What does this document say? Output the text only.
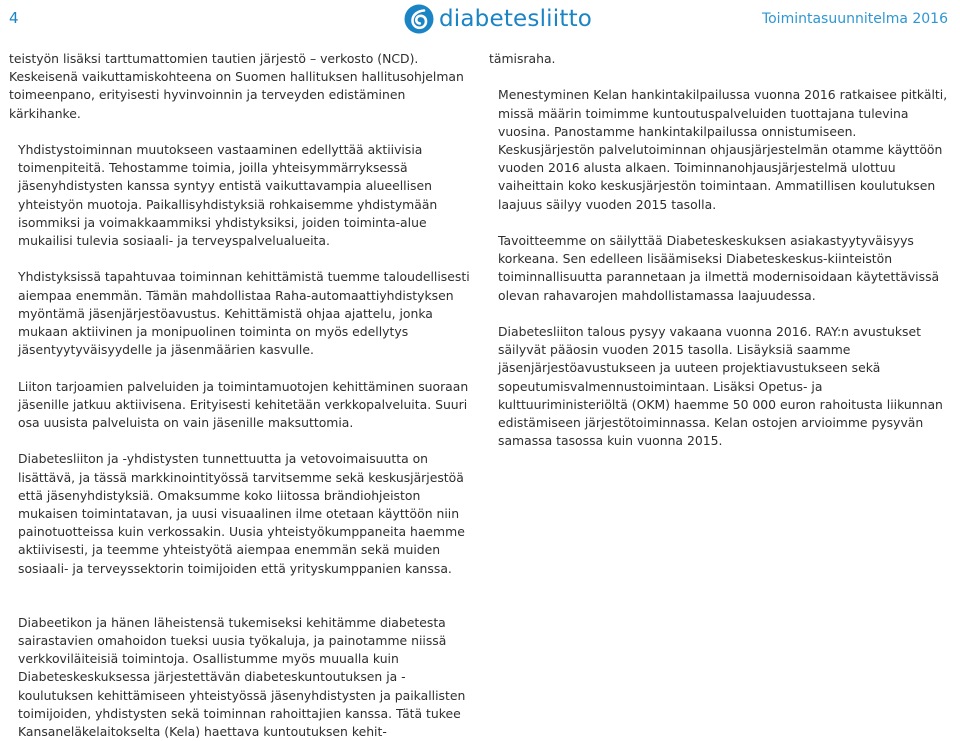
4	diabetesliitto	Toimintasuunnitelma 2016

teistyön lisäksi tarttumattomien tautien järjestö – verkosto (NCD). Keskeisenä vaikuttamiskohteena on Suomen hallituksen hallitusohjelman toimeenpano, erityisesti hyvinvoinnin ja terveyden edistäminen kärkihanke.

Yhdistystoiminnan muutokseen vastaaminen edellyttää aktiivisia toimenpiteitä. Tehostamme toimia, joilla yhteisymmärryksessä jäsenyhdistysten kanssa syntyy entistä vaikuttavampia alueellisen yhteistyön muotoja. Paikallisyhdistyksiä rohkaisemme yhdistymään isommiksi ja voimakkaammiksi yhdistyksiksi, joiden toiminta-alue mukailisi tulevia sosiaali- ja terveyspalvelualueita.

Yhdistyksissä tapahtuvaa toiminnan kehittämistä tuemme taloudellisesti aiempaa enemmän. Tämän mahdollistaa Raha-automaattiyhdistyksen myöntämä jäsenjärjestöavustus. Kehittämistä ohjaa ajattelu, jonka mukaan aktiivinen ja monipuolinen toiminta on myös edellytys jäsentyytyväisyydelle ja jäsenmäärien kasvulle.

Liiton tarjoamien palveluiden ja toimintamuotojen kehittäminen suoraan jäsenille jatkuu aktiivisena. Erityisesti kehitetään verkkopalveluita. Suuri osa uusista palveluista on vain jäsenille maksuttomia.

Diabetesliiton ja -yhdistysten tunnettuutta ja vetovoimaisuutta on lisättävä, ja tässä markkinointityössä tarvitsemme sekä keskusjärjestöä että jäsenyhdistyksiä. Omaksumme koko liitossa brändiohjeiston mukaisen toimintatavan, ja uusi visuaalinen ilme otetaan käyttöön niin painotuotteissa kuin verkossakin. Uusia yhteistyökumppaneita haemme aktiivisesti, ja teemme yhteistyötä aiempaa enemmän sekä muiden sosiaali- ja terveyssektorin toimijoiden että yrityskumppanien kanssa.

Diabeetikon ja hänen läheistensä tukemiseksi kehitämme diabetesta sairastavien omahoidon tueksi uusia työkaluja, ja painotamme niissä verkkoviläiteisiä toimintoja. Osallistumme myös muualla kuin Diabeteskeskuksessa järjestettävän diabeteskuntoutuksen ja -koulutuksen kehittämiseen yhteistyössä jäsenyhdistysten ja paikallisten toimijoiden, yhdistysten sekä toiminnan rahoittajien kanssa. Tätä tukee Kansaneläkelaitokselta (Kela) haettava kuntoutuksen kehit-

tämisraha.

Menestyminen Kelan hankintakilpailussa vuonna 2016 ratkaisee pitkälti, missä määrin toimimme kuntoutuspalveluiden tuottajana tulevina vuosina. Panostamme hankintakilpailussa onnistumiseen. Keskusjärjestön palvelutoiminnan ohjausjärjestelmän otamme käyttöön vuoden 2016 alusta alkaen. Toiminnanohjausjärjestelmä ulottuu vaiheittain koko keskusjärjestön toimintaan. Ammatillisen koulutuksen laajuus säilyy vuoden 2015 tasolla.

Tavoitteemme on säilyttää Diabeteskeskuksen asiakastyytyväisyys korkeana. Sen edelleen lisäämiseksi Diabeteskeskus-kiinteistön toiminnallisuutta parannetaan ja ilmettä modernisoidaan käytettävissä olevan rahavarojen mahdollistamassa laajuudessa.

Diabetesliiton talous pysyy vakaana vuonna 2016. RAY:n avustukset säilyvät pääosin vuoden 2015 tasolla. Lisäyksiä saamme jäsenjärjestöavustukseen ja uuteen projektiavustukseen sekä sopeutumisvalmennustoimintaan. Lisäksi Opetus- ja kulttuuriministeriöltä (OKM) haemme 50 000 euron rahoitusta liikunnan edistämiseen järjestötoiminnassa. Kelan ostojen arvioimme pysyvän samassa tasossa kuin vuonna 2015.
